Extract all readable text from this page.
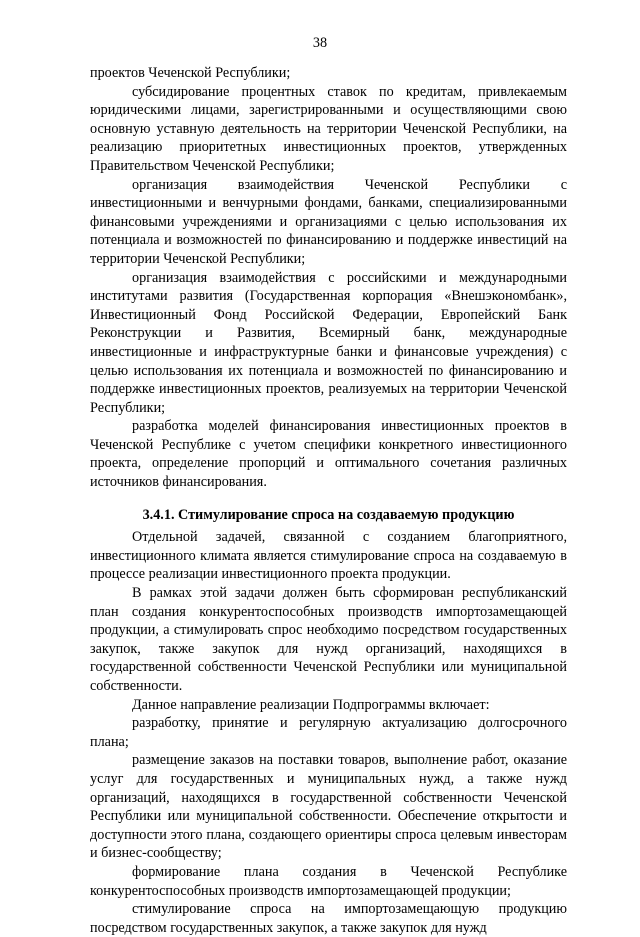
38

проектов Чеченской Республики;

субсидирование процентных ставок по кредитам, привлекаемым юридическими лицами, зарегистрированными и осуществляющими свою основную уставную деятельность на территории Чеченской Республики, на реализацию приоритетных инвестиционных проектов, утвержденных Правительством Чеченской Республики;

организация взаимодействия Чеченской Республики с инвестиционными и венчурными фондами, банками, специализированными финансовыми учреждениями и организациями с целью использования их потенциала и возможностей по финансированию и поддержке инвестиций на территории Чеченской Республики;

организация взаимодействия с российскими и международными институтами развития (Государственная корпорация «Внешэкономбанк», Инвестиционный Фонд Российской Федерации, Европейский Банк Реконструкции и Развития, Всемирный банк, международные инвестиционные и инфраструктурные банки и финансовые учреждения) с целью использования их потенциала и возможностей по финансированию и поддержке инвестиционных проектов, реализуемых на территории Чеченской Республики;

разработка моделей финансирования инвестиционных проектов в Чеченской Республике с учетом специфики конкретного инвестиционного проекта, определение пропорций и оптимального сочетания различных источников финансирования.

3.4.1. Стимулирование спроса на создаваемую продукцию

Отдельной задачей, связанной с созданием благоприятного, инвестиционного климата является стимулирование спроса на создаваемую в процессе реализации инвестиционного проекта продукции.

В рамках этой задачи должен быть сформирован республиканский план создания конкурентоспособных производств импортозамещающей продукции, а стимулировать спрос необходимо посредством государственных закупок, также закупок для нужд организаций, находящихся в государственной собственности Чеченской Республики или муниципальной собственности.

Данное направление реализации Подпрограммы включает:

разработку, принятие и регулярную актуализацию долгосрочного плана;

размещение заказов на поставки товаров, выполнение работ, оказание услуг для государственных и муниципальных нужд, а также нужд организаций, находящихся в государственной собственности Чеченской Республики или муниципальной собственности. Обеспечение открытости и доступности этого плана, создающего ориентиры спроса целевым инвесторам и бизнес-сообществу;

формирование плана создания в Чеченской Республике конкурентоспособных производств импортозамещающей продукции;

стимулирование спроса на импортозамещающую продукцию посредством государственных закупок, а также закупок для нужд
